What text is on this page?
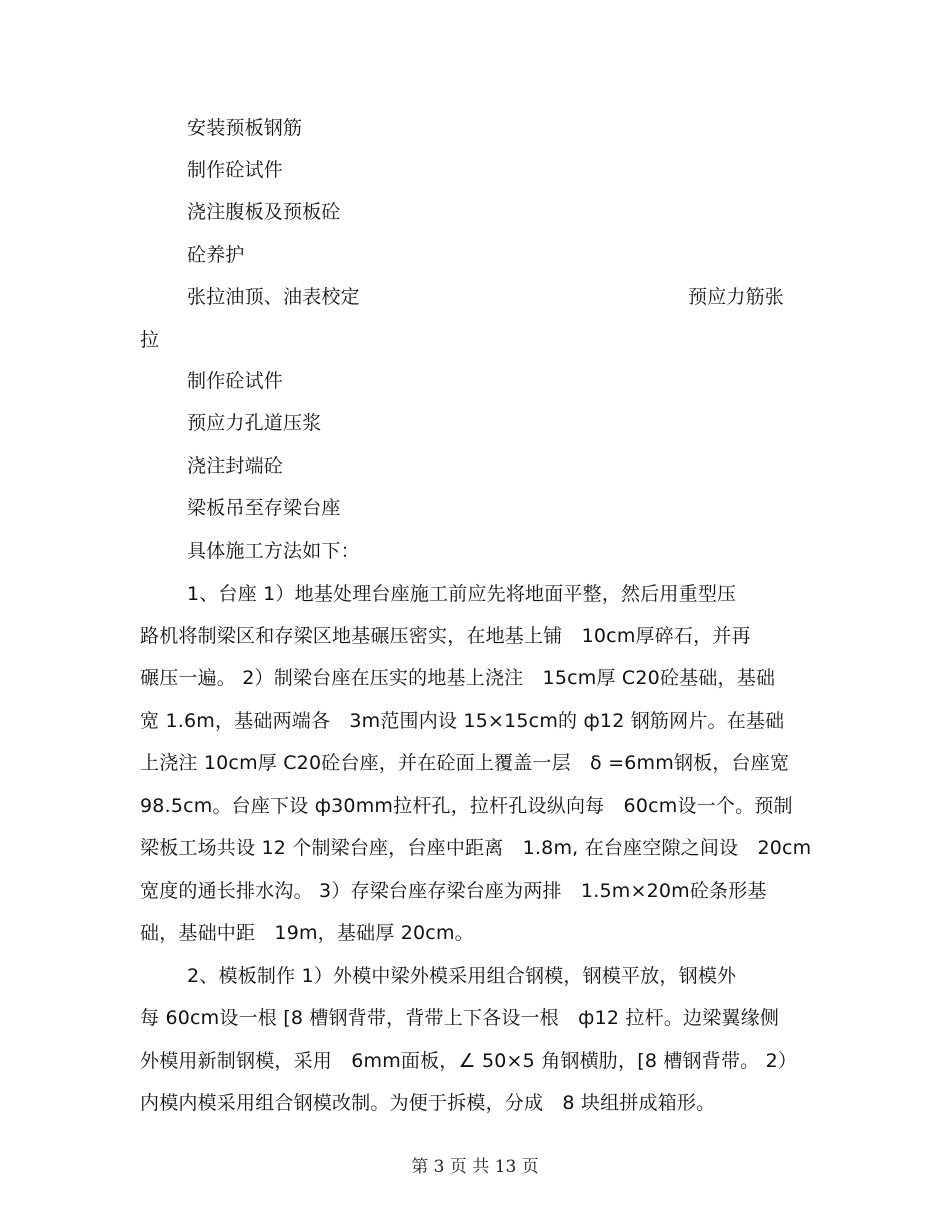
安装预板钢筋
制作砼试件
浇注腹板及预板砼
砼养护
张拉油顶、油表校定	预应力筋张
拉
制作砼试件
预应力孔道压浆
浇注封端砼
梁板吊至存梁台座
具体施工方法如下：
1、台座 1）地基处理台座施工前应先将地面平整，然后用重型压
路机将制梁区和存梁区地基碾压密实，在地基上铺　10cm厚碎石，并再
碾压一遍。 2）制梁台座在压实的地基上浇注　15cm厚 C20砼基础，基础
宽 1.6m，基础两端各　3m范围内设 15×15cm的 ф12 钢筋网片。在基础
上浇注 10cm厚 C20砼台座，并在砼面上覆盖一层　δ =6mm钢板，台座宽
98.5cm。台座下设 ф30mm拉杆孔，拉杆孔设纵向每　60cm设一个。预制
梁板工场共设 12 个制梁台座，台座中距离　1.8m, 在台座空隙之间设　20cm
宽度的通长排水沟。 3）存梁台座存梁台座为两排　1.5m×20m砼条形基
础，基础中距　19m，基础厚 20cm。
2、模板制作 1）外模中梁外模采用组合钢模，钢模平放，钢模外
每 60cm设一根 [8 槽钢背带，背带上下各设一根　ф12 拉杆。边梁翼缘侧
外模用新制钢模，采用　6mm面板，∠ 50×5 角钢横肋，[8 槽钢背带。 2）
内模内模采用组合钢模改制。为便于拆模，分成　8 块组拼成箱形。
第 3 页 共 13 页
